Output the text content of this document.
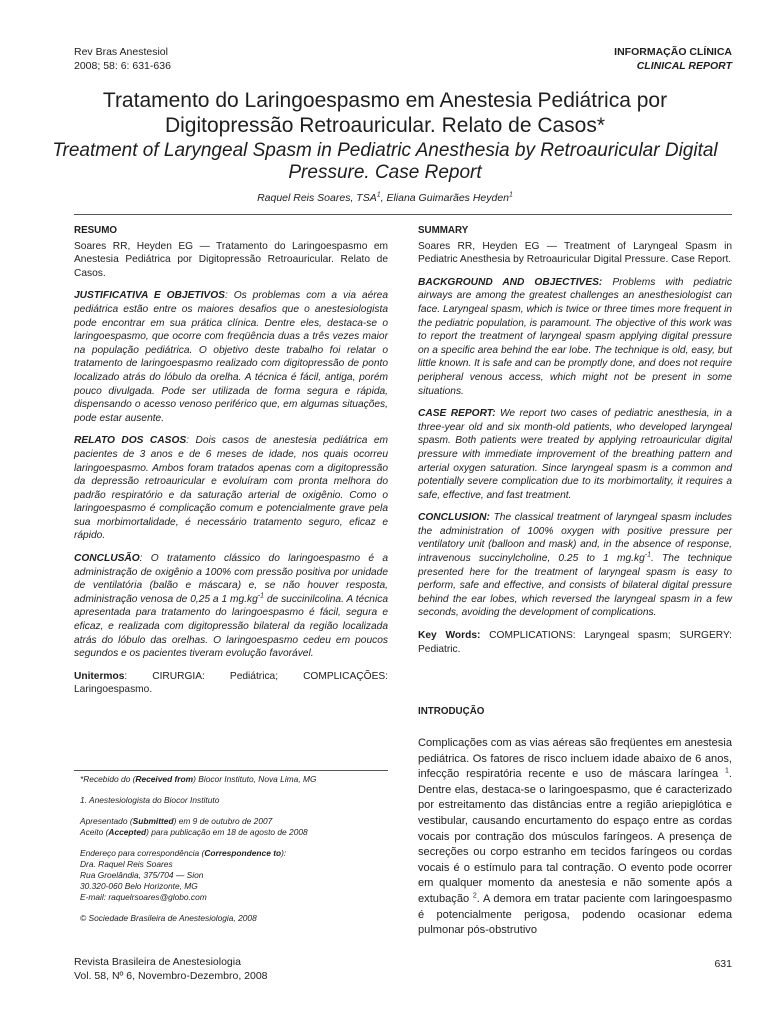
Rev Bras Anestesiol
2008; 58: 6: 631-636
INFORMAÇÃO CLÍNICA
CLINICAL REPORT
Tratamento do Laringoespasmo em Anestesia Pediátrica por Digitopressão Retroauricular. Relato de Casos*
Treatment of Laryngeal Spasm in Pediatric Anesthesia by Retroauricular Digital Pressure. Case Report
Raquel Reis Soares, TSA$^1$, Eliana Guimarães Heyden$^1$
RESUMO

Soares RR, Heyden EG — Tratamento do Laringoespasmo em Anestesia Pediátrica por Digitopressão Retroauricular. Relato de Casos.

JUSTIFICATIVA E OBJETIVOS: Os problemas com a via aérea pediátrica estão entre os maiores desafios que o anestesiologista pode encontrar em sua prática clínica. Dentre eles, destaca-se o laringoespasmo, que ocorre com freqüência duas a três vezes maior na população pediátrica. O objetivo deste trabalho foi relatar o tratamento de laringoespasmo realizado com digitopressão de ponto localizado atrás do lóbulo da orelha. A técnica é fácil, antiga, porém pouco divulgada. Pode ser utilizada de forma segura e rápida, dispensando o acesso venoso periférico que, em algumas situações, pode estar ausente.

RELATO DOS CASOS: Dois casos de anestesia pediátrica em pacientes de 3 anos e de 6 meses de idade, nos quais ocorreu laringoespasmo. Ambos foram tratados apenas com a digitopressão da depressão retroauricular e evoluíram com pronta melhora do padrão respiratório e da saturação arterial de oxigênio. Como o laringoespasmo é complicação comum e potencialmente grave pela sua morbimortalidade, é necessário tratamento seguro, eficaz e rápido.

CONCLUSÃO: O tratamento clássico do laringoespasmo é a administração de oxigênio a 100% com pressão positiva por unidade de ventilatória (balão e máscara) e, se não houver resposta, administração venosa de 0,25 a 1 $mg.kg^{-1}$ de succinilcolina. A técnica apresentada para tratamento do laringoespasmo é fácil, segura e eficaz, e realizada com digitopressão bilateral da região localizada atrás do lóbulo das orelhas. O laringoespasmo cedeu em poucos segundos e os pacientes tiveram evolução favorável.

Unitermos: CIRURGIA: Pediátrica; COMPLICAÇÕES: Laringoespasmo.

SUMMARY

Soares RR, Heyden EG — Treatment of Laryngeal Spasm in Pediatric Anesthesia by Retroauricular Digital Pressure. Case Report.

BACKGROUND AND OBJECTIVES: Problems with pediatric airways are among the greatest challenges an anesthesiologist can face. Laryngeal spasm, which is twice or three times more frequent in the pediatric population, is paramount. The objective of this work was to report the treatment of laryngeal spasm applying digital pressure on a specific area behind the ear lobe. The technique is old, easy, but little known. It is safe and can be promptly done, and does not require peripheral venous access, which might not be present in some situations.

CASE REPORT: We report two cases of pediatric anesthesia, in a three-year old and six month-old patients, who developed laryngeal spasm. Both patients were treated by applying retroauricular digital pressure with immediate improvement of the breathing pattern and arterial oxygen saturation. Since laryngeal spasm is a common and potentially severe complication due to its morbimortality, it requires a safe, effective, and fast treatment.

CONCLUSION: The classical treatment of laryngeal spasm includes the administration of 100% oxygen with positive pressure per ventilatory unit (balloon and mask) and, in the absence of response, intravenous succinylcholine, 0.25 to 1 $mg.kg^{-1}$. The technique presented here for the treatment of laryngeal spasm is easy to perform, safe and effective, and consists of bilateral digital pressure behind the ear lobes, which reversed the laryngeal spasm in a few seconds, avoiding the development of complications.

Key Words: COMPLICATIONS: Laryngeal spasm; SURGERY: Pediatric.

INTRODUÇÃO
Complicações com as vias aéreas são freqüentes em anestesia pediátrica. Os fatores de risco incluem idade abaixo de 6 anos, infecção respiratória recente e uso de máscara laríngea $^1$. Dentre elas, destaca-se o laringoespasmo, que é caracterizado por estreitamento das distâncias entre a região ariepiglótica e vestibular, causando encurtamento do espaço entre as cordas vocais por contração dos músculos faríngeos. A presença de secreções ou corpo estranho em tecidos faríngeos ou cordas vocais é o estímulo para tal contração. O evento pode ocorrer em qualquer momento da anestesia e não somente após a extubação $^2$. A demora em tratar paciente com laringoespasmo é potencialmente perigosa, podendo ocasionar edema pulmonar pós-obstrutivo

*Recebido do (Received from) Biocor Instituto, Nova Lima, MG

1. Anestesiologista do Biocor Instituto

Apresentado (Submitted) em 9 de outubro de 2007
Aceito (Accepted) para publicação em 18 de agosto de 2008

Endereço para correspondência (Correspondence to):
Dra. Raquel Reis Soares
Rua Groelândia, 375/704 — Sion
30.320-060 Belo Horizonte, MG
E-mail: raquelrsoares@globo.com

© Sociedade Brasileira de Anestesiologia, 2008

Revista Brasileira de Anestesiologia
Vol. 58, Nº 6, Novembro-Dezembro, 2008
631
